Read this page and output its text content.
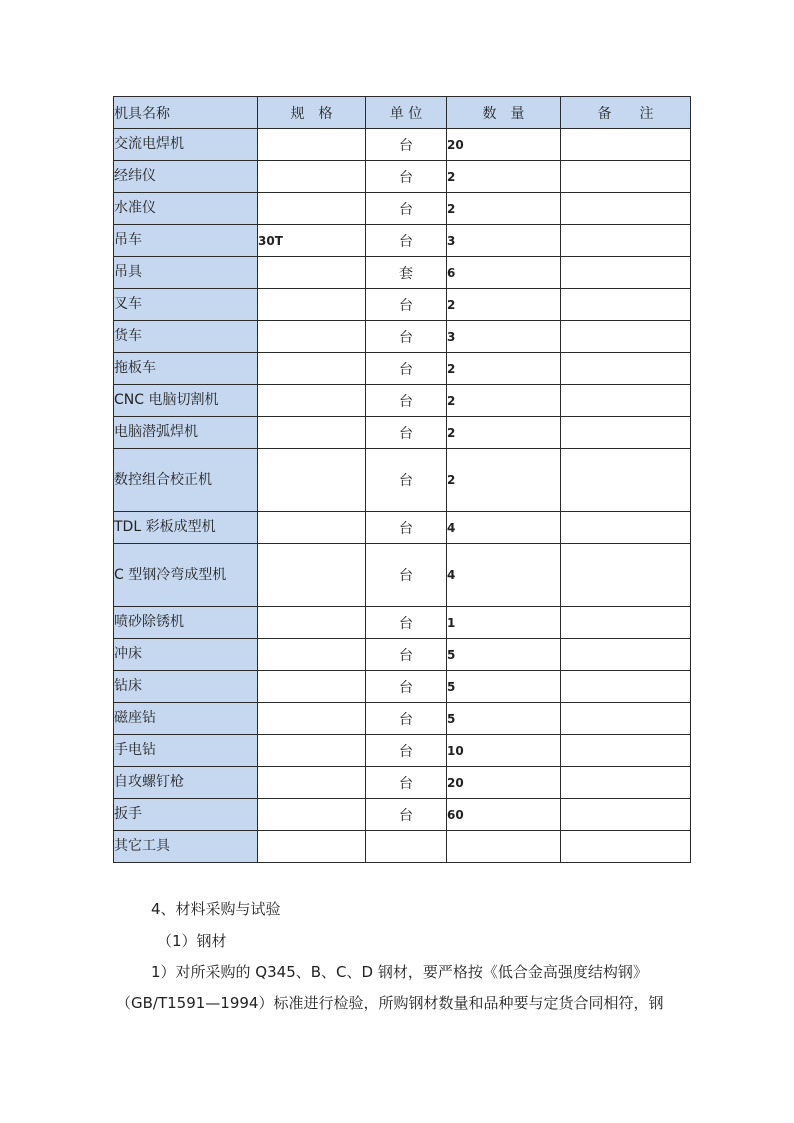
机具名称	规　格	单 位	数　量	备　　注
交流电焊机		台	20	
经纬仪		台	2	
水准仪		台	2	
吊车	30T	台	3	
吊具		套	6	
叉车		台	2	
货车		台	3	
拖板车		台	2	
CNC 电脑切割机		台	2	
电脑潜弧焊机		台	2	
数控组合校正机		台	2	
TDL 彩板成型机		台	4	
C 型钢冷弯成型机		台	4	
喷砂除锈机		台	1	
冲床		台	5	
钻床		台	5	
磁座钻		台	5	
手电钻		台	10	
自攻螺钉枪		台	20	
扳手		台	60	
其它工具				
4、材料采购与试验
（1）钢材
1）对所采购的 Q345、B、C、D 钢材，要严格按《低合金高强度结构钢》
（GB/T1591—1994）标准进行检验，所购钢材数量和品种要与定货合同相符，钢
